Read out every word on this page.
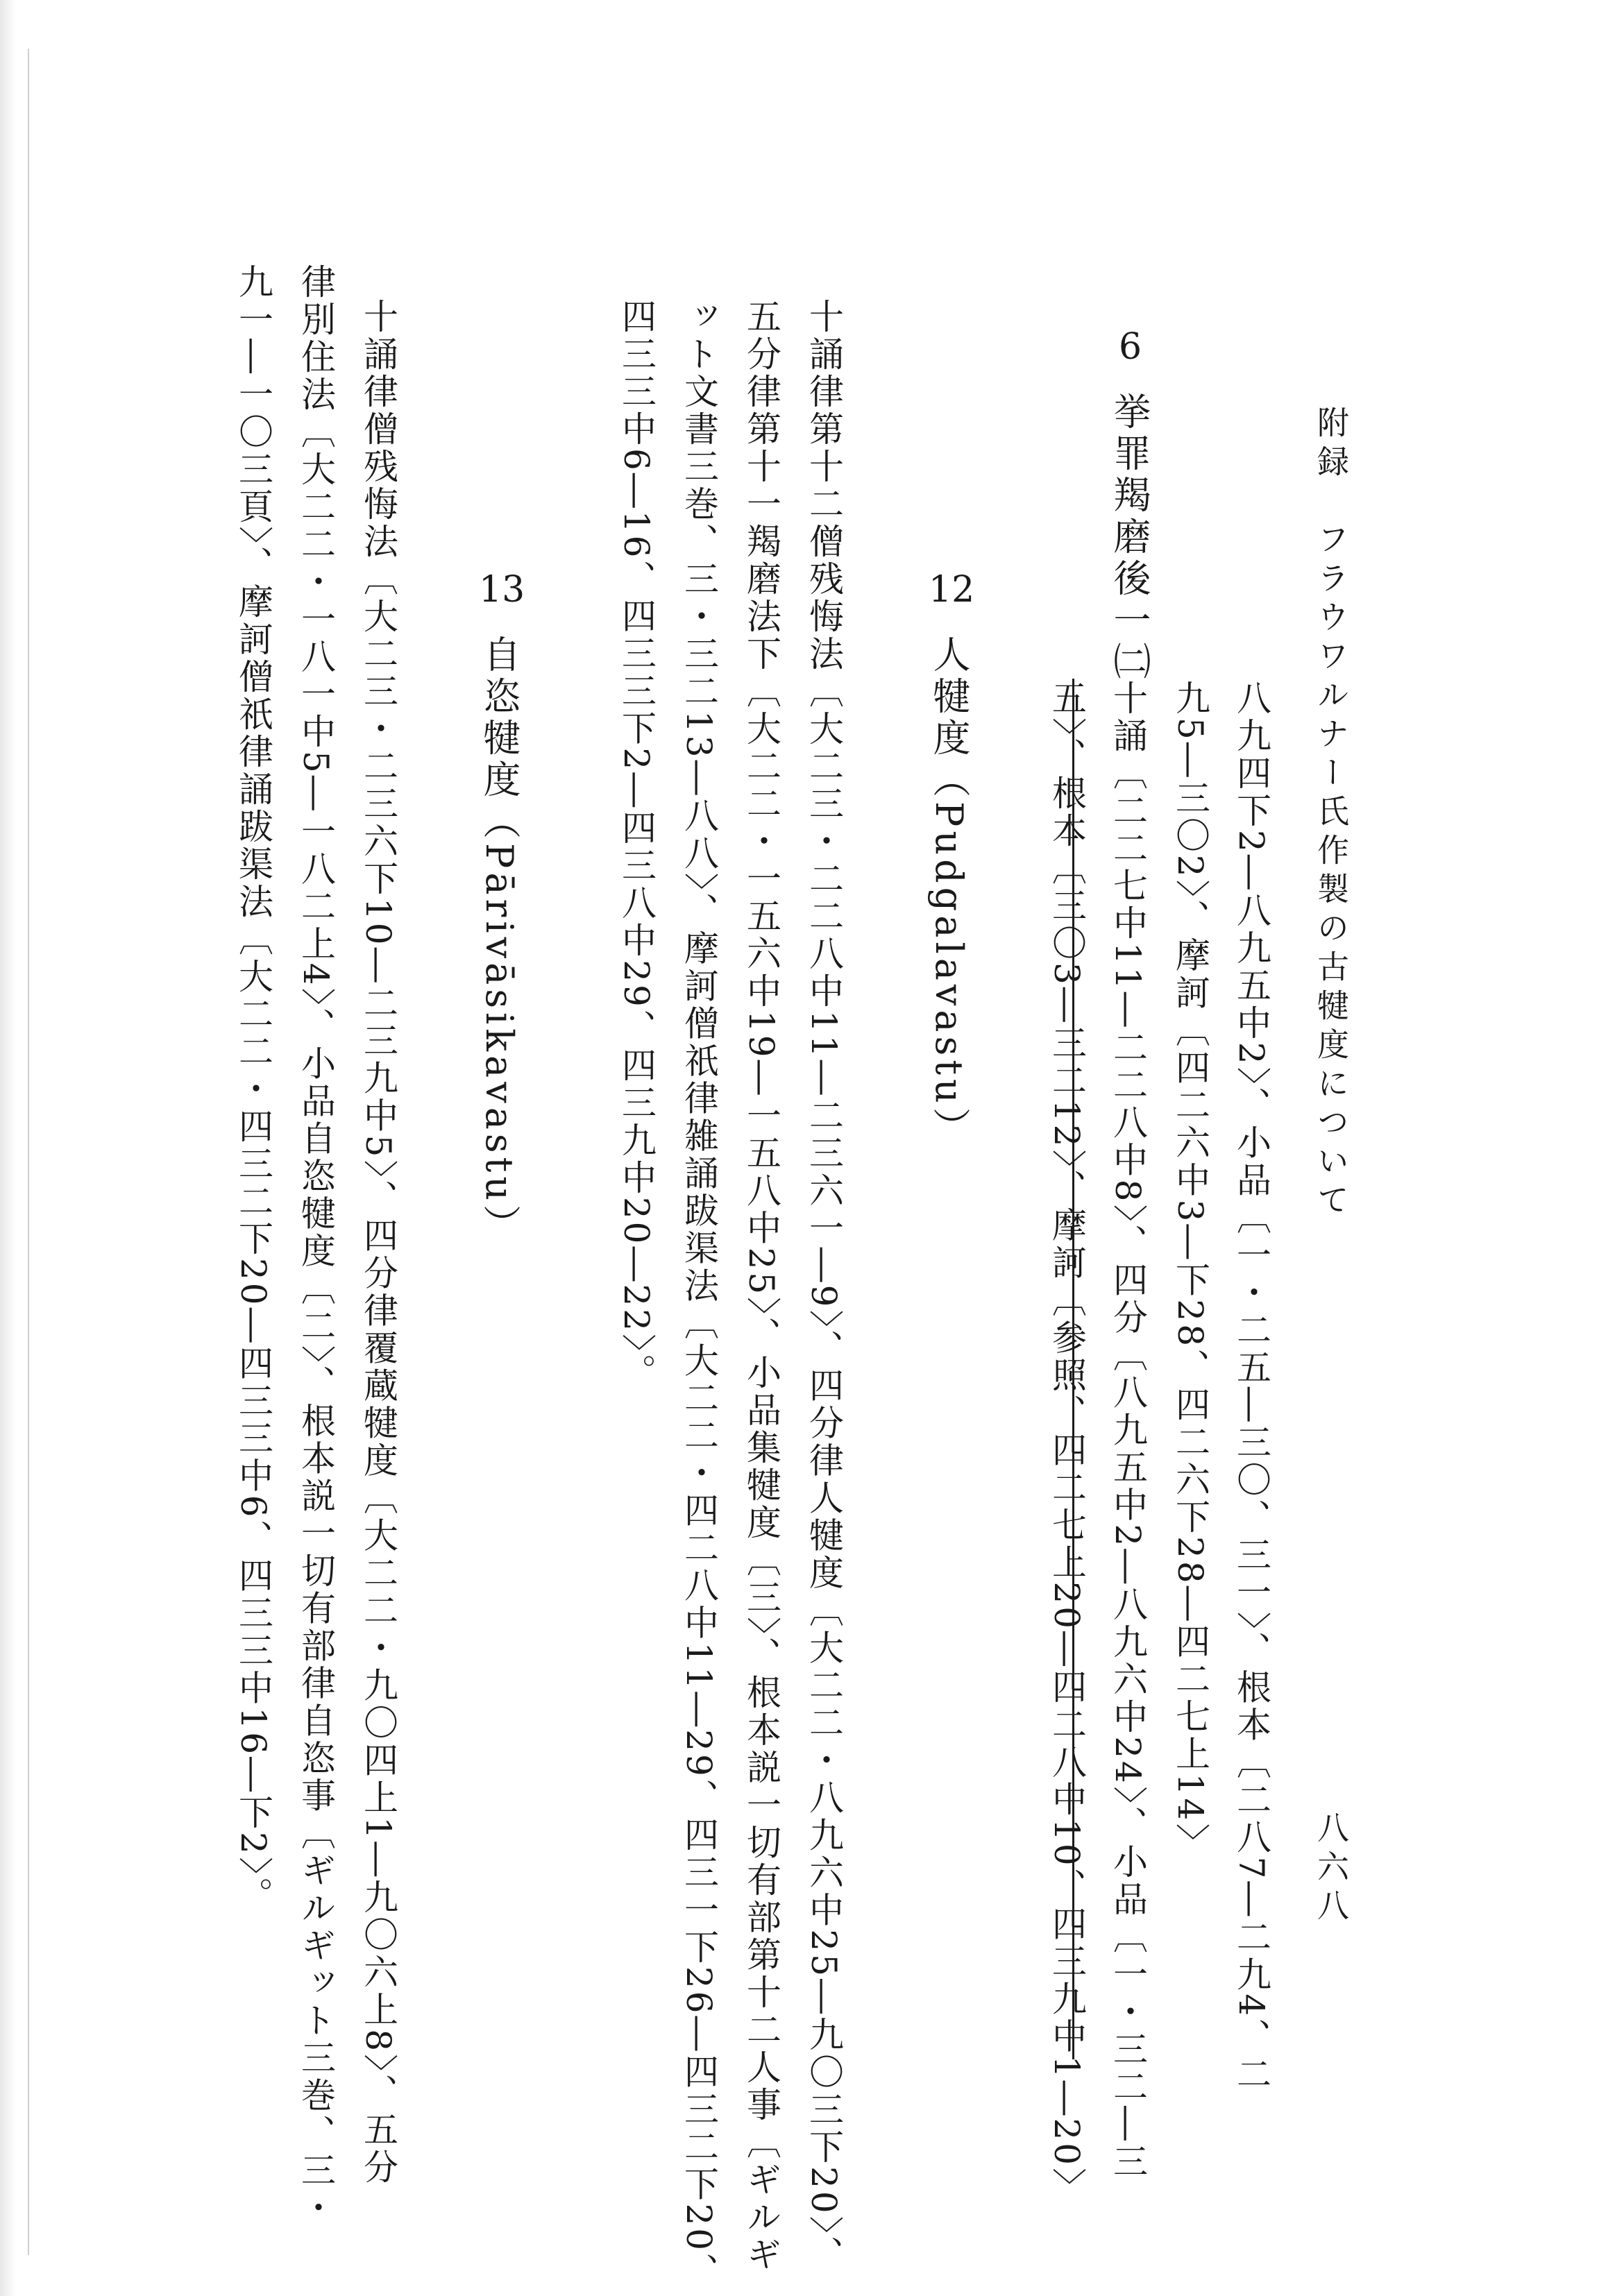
附録　フラウワルナー氏作製の古犍度について
八六八
八九四下2―八九五中2〉、小品〔一・二五―三〇、三一〉、根本〔二八7―二九4、二
九5―三〇2〉、摩訶〔四二六中3―下28、四二六下28―四二七上14〉
6
挙罪羯磨後一㈡
十誦〔二二七中11―二二八中8〉、四分〔八九五中2―八九六中24〉、小品〔一・三二―三
五〉、根本〔三〇3―三二12〉、摩訶〔参照、四二七上20―四二八中10、四三九中1―20〉
12
人犍度（Pudgalavastu）
十誦律第十二僧残悔法〔大二三・二二八中11―二三六一―9〉、四分律人犍度〔大二二・八九六中25―九〇三下20〉、
五分律第十一羯磨法下〔大二二・一五六中19―一五八中25〉、小品集犍度〔三〉、根本説一切有部第十二人事〔ギルギ
ット文書三巻、三・三二13―八八〉、摩訶僧祇律雑誦跋渠法〔大二二・四二八中11―29、四三一下26―四三二下20、
四三三中6―16、四三三下2―四三八中29、四三九中20―22〉。
13
自恣犍度（Pārivāsikavastu）
十誦律僧残悔法〔大二三・二三六下10―二三九中5〉、四分律覆蔵犍度〔大二二・九〇四上1―九〇六上8〉、五分
律別住法〔大二二・一八一中5―一八二上4〉、小品自恣犍度〔二〉、根本説一切有部律自恣事〔ギルギット三巻、三・
九一―一〇三頁〉、摩訶僧祇律誦跋渠法〔大二二・四三二下20―四三三中6、四三三中16―下2〉。
